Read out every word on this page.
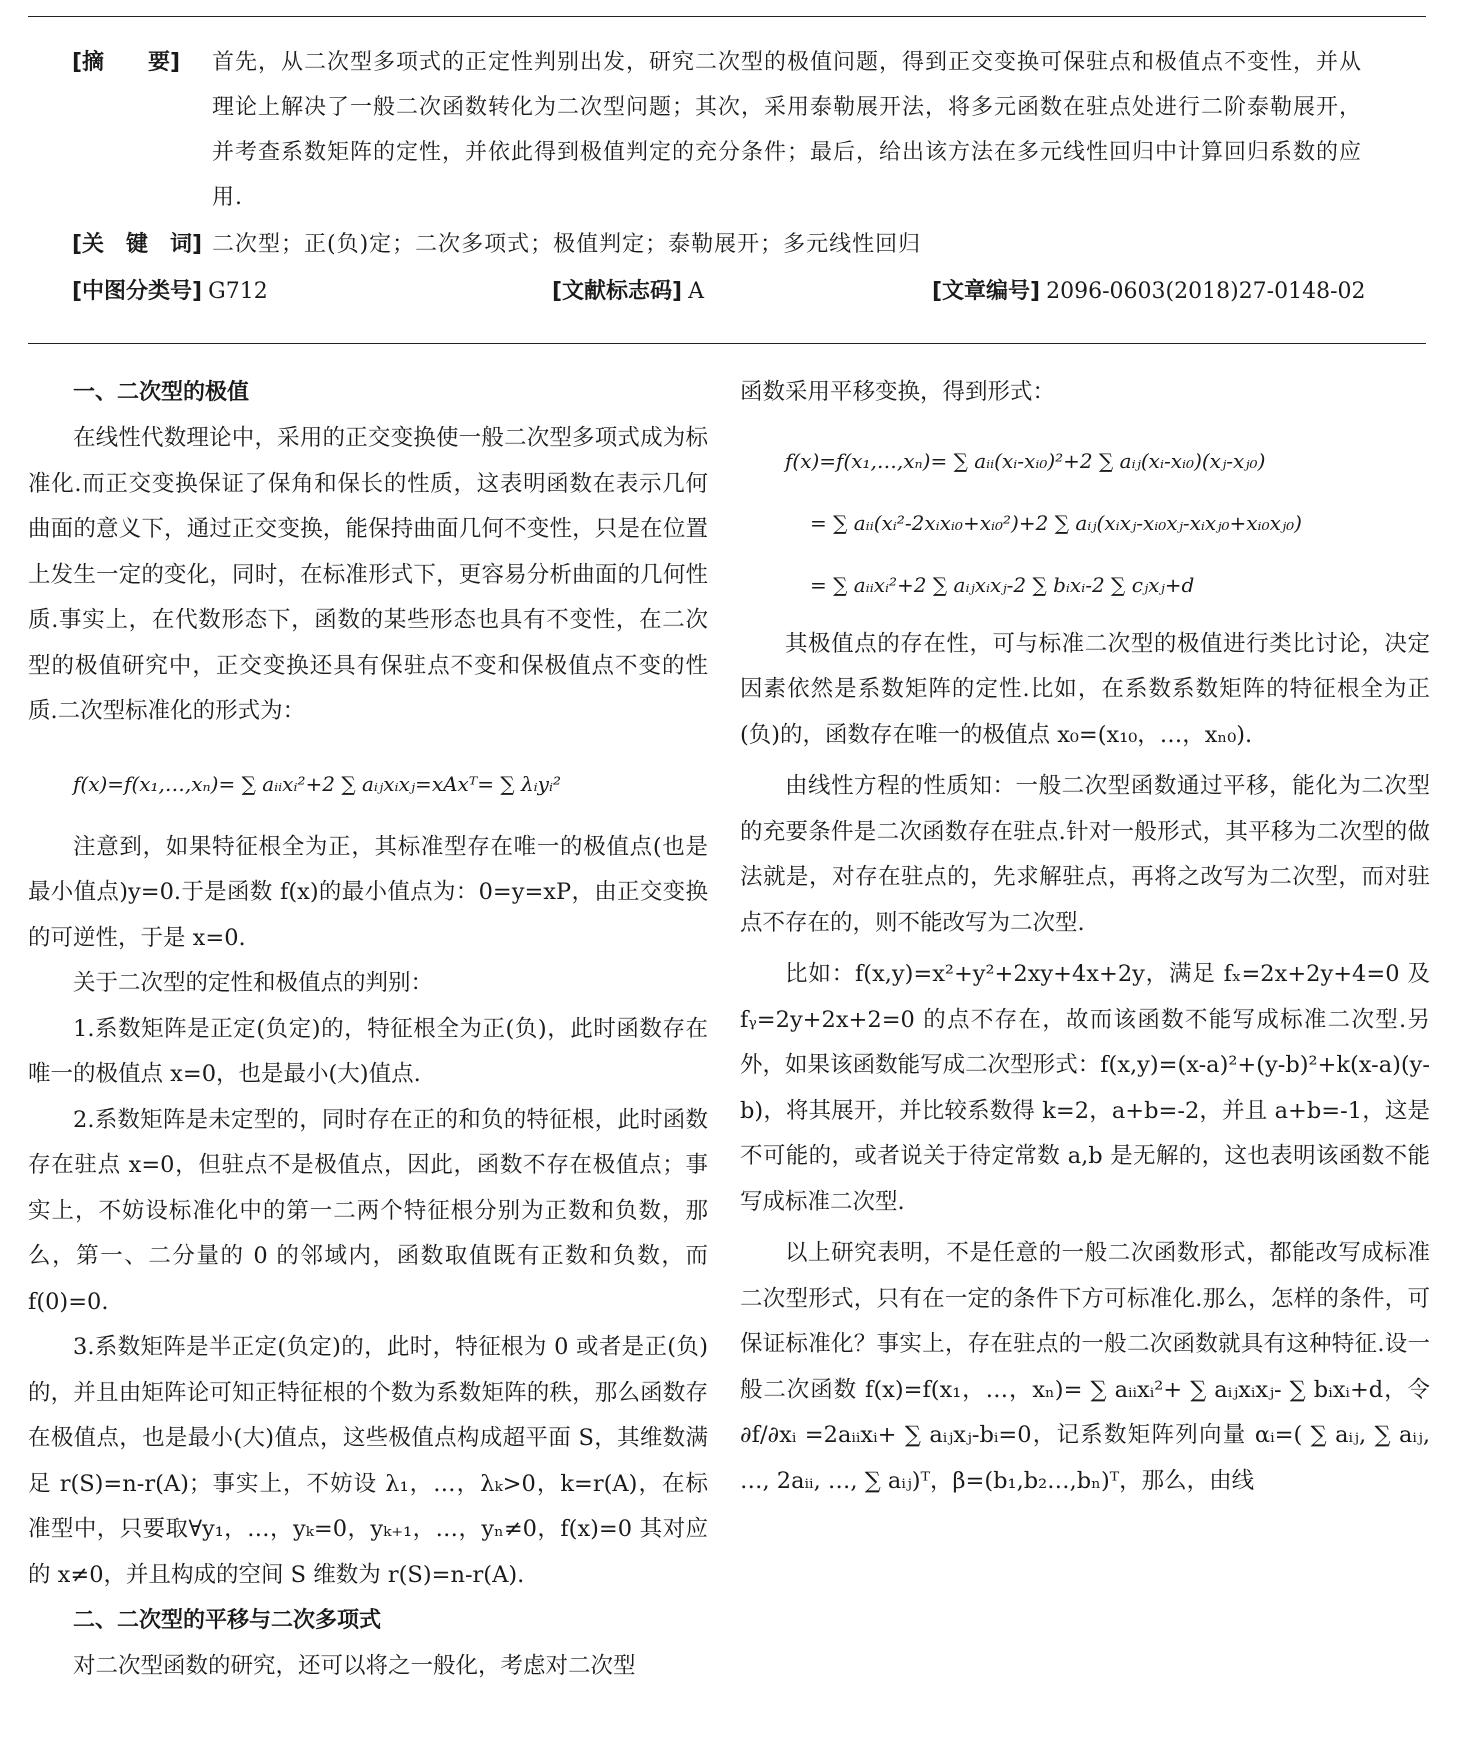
[摘　　要]	首先，从二次型多项式的正定性判别出发，研究二次型的极值问题，得到正交变换可保驻点和极值点不变性，并从理论上解决了一般二次函数转化为二次型问题；其次，采用泰勒展开法，将多元函数在驻点处进行二阶泰勒展开，并考查系数矩阵的定性，并依此得到极值判定的充分条件；最后，给出该方法在多元线性回归中计算回归系数的应用.
[关　键　词] 二次型；正(负)定；二次多项式；极值判定；泰勒展开；多元线性回归
[中图分类号] G712	[文献标志码] A	[文章编号] 2096-0603(2018)27-0148-02
一、二次型的极值

在线性代数理论中，采用的正交变换使一般二次型多项式成为标准化.而正交变换保证了保角和保长的性质，这表明函数在表示几何曲面的意义下，通过正交变换，能保持曲面几何不变性，只是在位置上发生一定的变化，同时，在标准形式下，更容易分析曲面的几何性质.事实上，在代数形态下，函数的某些形态也具有不变性，在二次型的极值研究中，正交变换还具有保驻点不变和保极值点不变的性质.二次型标准化的形式为：

f(x)=f(x₁,…,xₙ)= ∑ aᵢᵢxᵢ²+2 ∑ aᵢⱼxᵢxⱼ=xAxᵀ= ∑ λᵢyᵢ²

注意到，如果特征根全为正，其标准型存在唯一的极值点(也是最小值点)y=0.于是函数 f(x)的最小值点为：0=y=xP，由正交变换的可逆性，于是 x=0.

关于二次型的定性和极值点的判别：

1.系数矩阵是正定(负定)的，特征根全为正(负)，此时函数存在唯一的极值点 x=0，也是最小(大)值点.

2.系数矩阵是未定型的，同时存在正的和负的特征根，此时函数存在驻点 x=0，但驻点不是极值点，因此，函数不存在极值点；事实上，不妨设标准化中的第一二两个特征根分别为正数和负数，那么，第一、二分量的 0 的邻域内，函数取值既有正数和负数，而 f(0)=0.

3.系数矩阵是半正定(负定)的，此时，特征根为 0 或者是正(负)的，并且由矩阵论可知正特征根的个数为系数矩阵的秩，那么函数存在极值点，也是最小(大)值点，这些极值点构成超平面 S，其维数满足 r(S)=n-r(A)；事实上，不妨设 λ₁，…，λₖ>0，k=r(A)，在标准型中，只要取∀y₁，…，yₖ=0，yₖ₊₁，…，yₙ≠0，f(x)=0 其对应的 x≠0，并且构成的空间 S 维数为 r(S)=n-r(A).

二、二次型的平移与二次多项式

对二次型函数的研究，还可以将之一般化，考虑对二次型

函数采用平移变换，得到形式：

f(x)=f(x₁,…,xₙ)= ∑ aᵢᵢ(xᵢ-xᵢ₀)²+2 ∑ aᵢⱼ(xᵢ-xᵢ₀)(xⱼ-xⱼ₀)
= ∑ aᵢᵢ(xᵢ²-2xᵢxᵢ₀+xᵢ₀²)+2 ∑ aᵢⱼ(xᵢxⱼ-xᵢ₀xⱼ-xᵢxⱼ₀+xᵢ₀xⱼ₀)
= ∑ aᵢᵢxᵢ²+2 ∑ aᵢⱼxᵢxⱼ-2 ∑ bᵢxᵢ-2 ∑ cⱼxⱼ+d

其极值点的存在性，可与标准二次型的极值进行类比讨论，决定因素依然是系数矩阵的定性.比如，在系数系数矩阵的特征根全为正(负)的，函数存在唯一的极值点 x₀=(x₁₀，…，xₙ₀).

由线性方程的性质知：一般二次型函数通过平移，能化为二次型的充要条件是二次函数存在驻点.针对一般形式，其平移为二次型的做法就是，对存在驻点的，先求解驻点，再将之改写为二次型，而对驻点不存在的，则不能改写为二次型.

比如：f(x,y)=x²+y²+2xy+4x+2y，满足 fₓ=2x+2y+4=0 及 fᵧ=2y+2x+2=0 的点不存在，故而该函数不能写成标准二次型.另外，如果该函数能写成二次型形式：f(x,y)=(x-a)²+(y-b)²+k(x-a)(y-b)，将其展开，并比较系数得 k=2，a+b=-2，并且 a+b=-1，这是不可能的，或者说关于待定常数 a,b 是无解的，这也表明该函数不能写成标准二次型.

以上研究表明，不是任意的一般二次函数形式，都能改写成标准二次型形式，只有在一定的条件下方可标准化.那么，怎样的条件，可保证标准化？事实上，存在驻点的一般二次函数就具有这种特征.设一般二次函数 f(x)=f(x₁，…，xₙ)= ∑ aᵢᵢxᵢ²+ ∑ aᵢⱼxᵢxⱼ- ∑ bᵢxᵢ+d，令 ∂f/∂xᵢ =2aᵢᵢxᵢ+ ∑ aᵢⱼxⱼ-bᵢ=0，记系数矩阵列向量 αᵢ=( ∑ aᵢⱼ, ∑ aᵢⱼ, …, 2aᵢᵢ, …, ∑ aᵢⱼ)ᵀ，β=(b₁,b₂…,bₙ)ᵀ，那么，由线
